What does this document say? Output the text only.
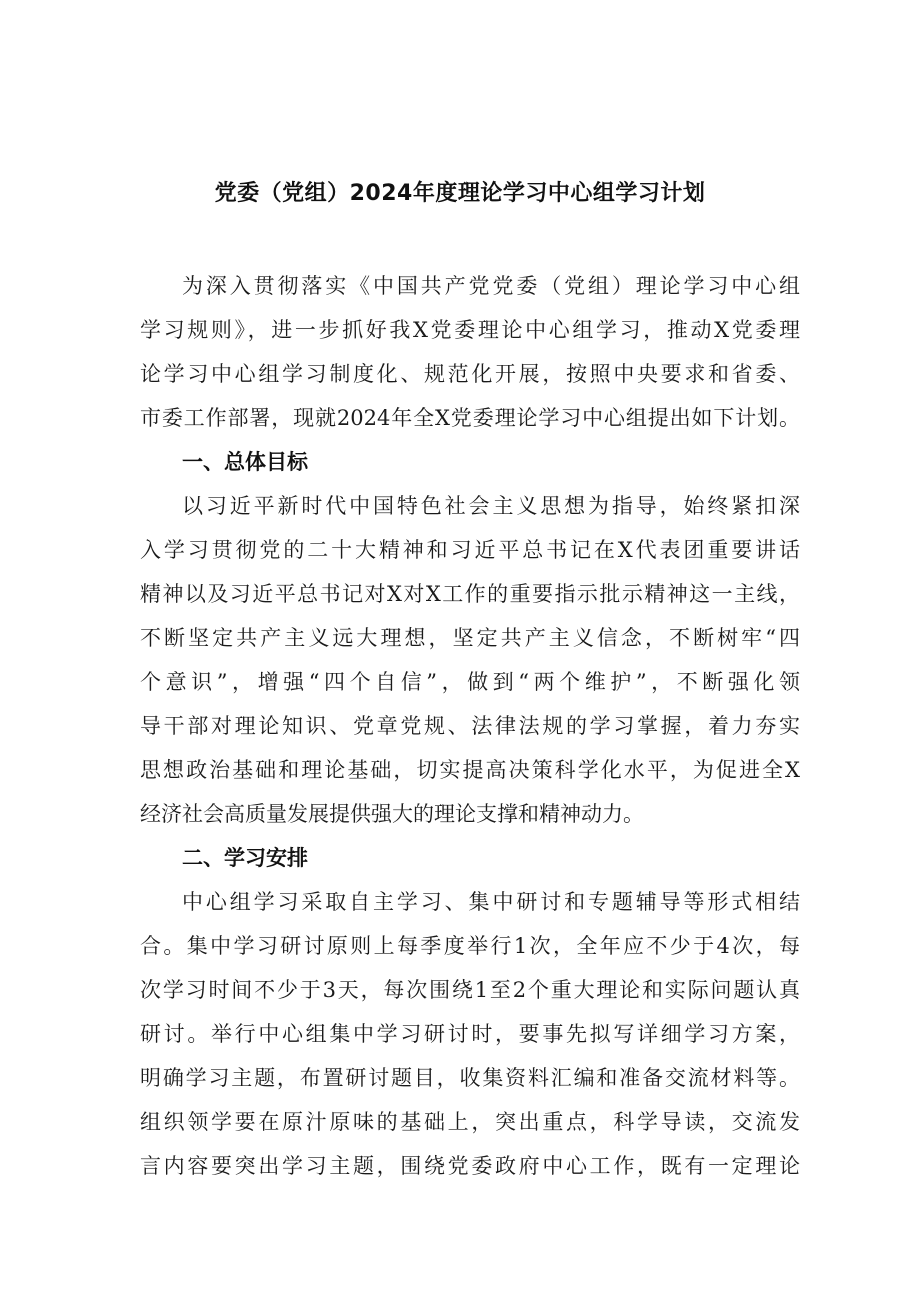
党委（党组）2024年度理论学习中心组学习计划
为深入贯彻落实《中国共产党党委（党组）理论学习中心组
学习规则》，进一步抓好我X党委理论中心组学习，推动X党委理
论学习中心组学习制度化、规范化开展，按照中央要求和省委、
市委工作部署，现就2024年全X党委理论学习中心组提出如下计划。
一、总体目标
以习近平新时代中国特色社会主义思想为指导，始终紧扣深
入学习贯彻党的二十大精神和习近平总书记在X代表团重要讲话
精神以及习近平总书记对X对X工作的重要指示批示精神这一主线，
不断坚定共产主义远大理想，坚定共产主义信念，不断树牢“四
个意识”，增强“四个自信”，做到“两个维护”，不断强化领
导干部对理论知识、党章党规、法律法规的学习掌握，着力夯实
思想政治基础和理论基础，切实提高决策科学化水平，为促进全X
经济社会高质量发展提供强大的理论支撑和精神动力。
二、学习安排
中心组学习采取自主学习、集中研讨和专题辅导等形式相结
合。集中学习研讨原则上每季度举行1次，全年应不少于4次，每
次学习时间不少于3天，每次围绕1至2个重大理论和实际问题认真
研讨。举行中心组集中学习研讨时，要事先拟写详细学习方案，
明确学习主题，布置研讨题目，收集资料汇编和准备交流材料等。
组织领学要在原汁原味的基础上，突出重点，科学导读，交流发
言内容要突出学习主题，围绕党委政府中心工作，既有一定理论
